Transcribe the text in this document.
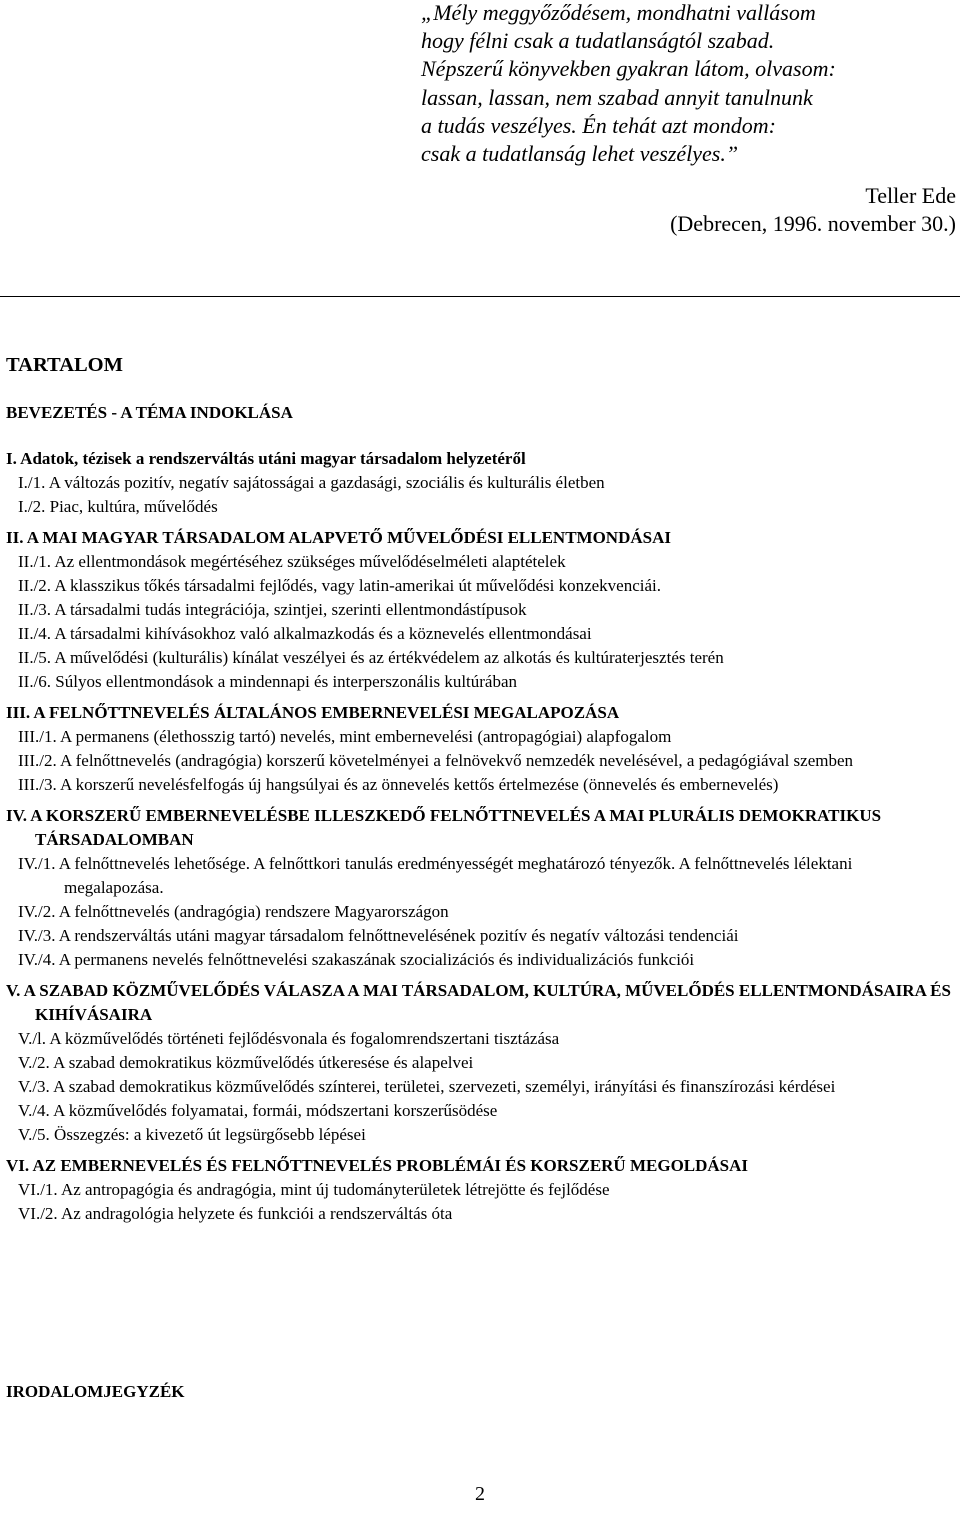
„Mély meggyőződésem, mondhatni vallásom
hogy félni csak a tudatlanságtól szabad.
Népszerű könyvekben gyakran látom, olvasom:
lassan, lassan, nem szabad annyit tanulnunk
a tudás veszélyes. Én tehát azt mondom:
csak a tudatlanság lehet veszélyes.”
Teller Ede
(Debrecen, 1996. november 30.)
TARTALOM
BEVEZETÉS - A TÉMA INDOKLÁSA

I. Adatok, tézisek a rendszerváltás utáni magyar társadalom helyzetéről

I./1. A változás pozitív, negatív sajátosságai a gazdasági, szociális és kulturális életben

I./2. Piac, kultúra, művelődés

II. A MAI MAGYAR TÁRSADALOM ALAPVETŐ MŰVELŐDÉSI ELLENTMONDÁSAI

II./1. Az ellentmondások megértéséhez szükséges művelődéselméleti alaptételek

II./2. A klasszikus tőkés társadalmi fejlődés, vagy latin-amerikai út művelődési konzekvenciái.

II./3. A társadalmi tudás integrációja, szintjei, szerinti ellentmondástípusok

II./4. A társadalmi kihívásokhoz való alkalmazkodás és a köznevelés ellentmondásai

II./5. A művelődési (kulturális) kínálat veszélyei és az értékvédelem az alkotás és kultúraterjesztés terén

II./6. Súlyos ellentmondások a mindennapi és interperszonális kultúrában

III. A FELNŐTTNEVELÉS ÁLTALÁNOS EMBERNEVELÉSI MEGALAPOZÁSA

III./1. A permanens (élethosszig tartó) nevelés, mint embernevelési (antropagógiai) alapfogalom

III./2. A felnőttnevelés (andragógia) korszerű követelményei a felnövekvő nemzedék nevelésével, a pedagógiával szemben

III./3. A korszerű nevelésfelfogás új hangsúlyai és az önnevelés kettős értelmezése (önnevelés és embernevelés)

IV. A KORSZERŰ EMBERNEVELÉSBE ILLESZKEDŐ FELNŐTTNEVELÉS A MAI PLURÁLIS DEMOKRATIKUS TÁRSADALOMBAN

IV./1. A felnőttnevelés lehetősége. A felnőttkori tanulás eredményességét meghatározó tényezők. A felnőttnevelés lélektani megalapozása.

IV./2. A felnőttnevelés (andragógia) rendszere Magyarországon

IV./3. A rendszerváltás utáni magyar társadalom felnőttnevelésének pozitív és negatív változási tendenciái

IV./4. A permanens nevelés felnőttnevelési szakaszának szocializációs és individualizációs funkciói

V. A SZABAD KÖZMŰVELŐDÉS VÁLASZA A MAI TÁRSADALOM, KULTÚRA, MŰVELŐDÉS ELLENTMONDÁSAIRA ÉS KIHÍVÁSAIRA

V./l. A közművelődés történeti fejlődésvonala és fogalomrendszertani tisztázása

V./2. A szabad demokratikus közművelődés útkeresése és alapelvei

V./3. A szabad demokratikus közművelődés színterei, területei, szervezeti, személyi, irányítási és finanszírozási kérdései

V./4. A közművelődés folyamatai, formái, módszertani korszerűsödése

V./5. Összegzés: a kivezető út legsürgősebb lépései

VI. AZ EMBERNEVELÉS ÉS FELNŐTTNEVELÉS PROBLÉMÁI ÉS KORSZERŰ MEGOLDÁSAI

VI./1. Az antropagógia és andragógia, mint új tudományterületek létrejötte és fejlődése

VI./2. Az andragológia helyzete és funkciói a rendszerváltás óta

IRODALOMJEGYZÉK
2
